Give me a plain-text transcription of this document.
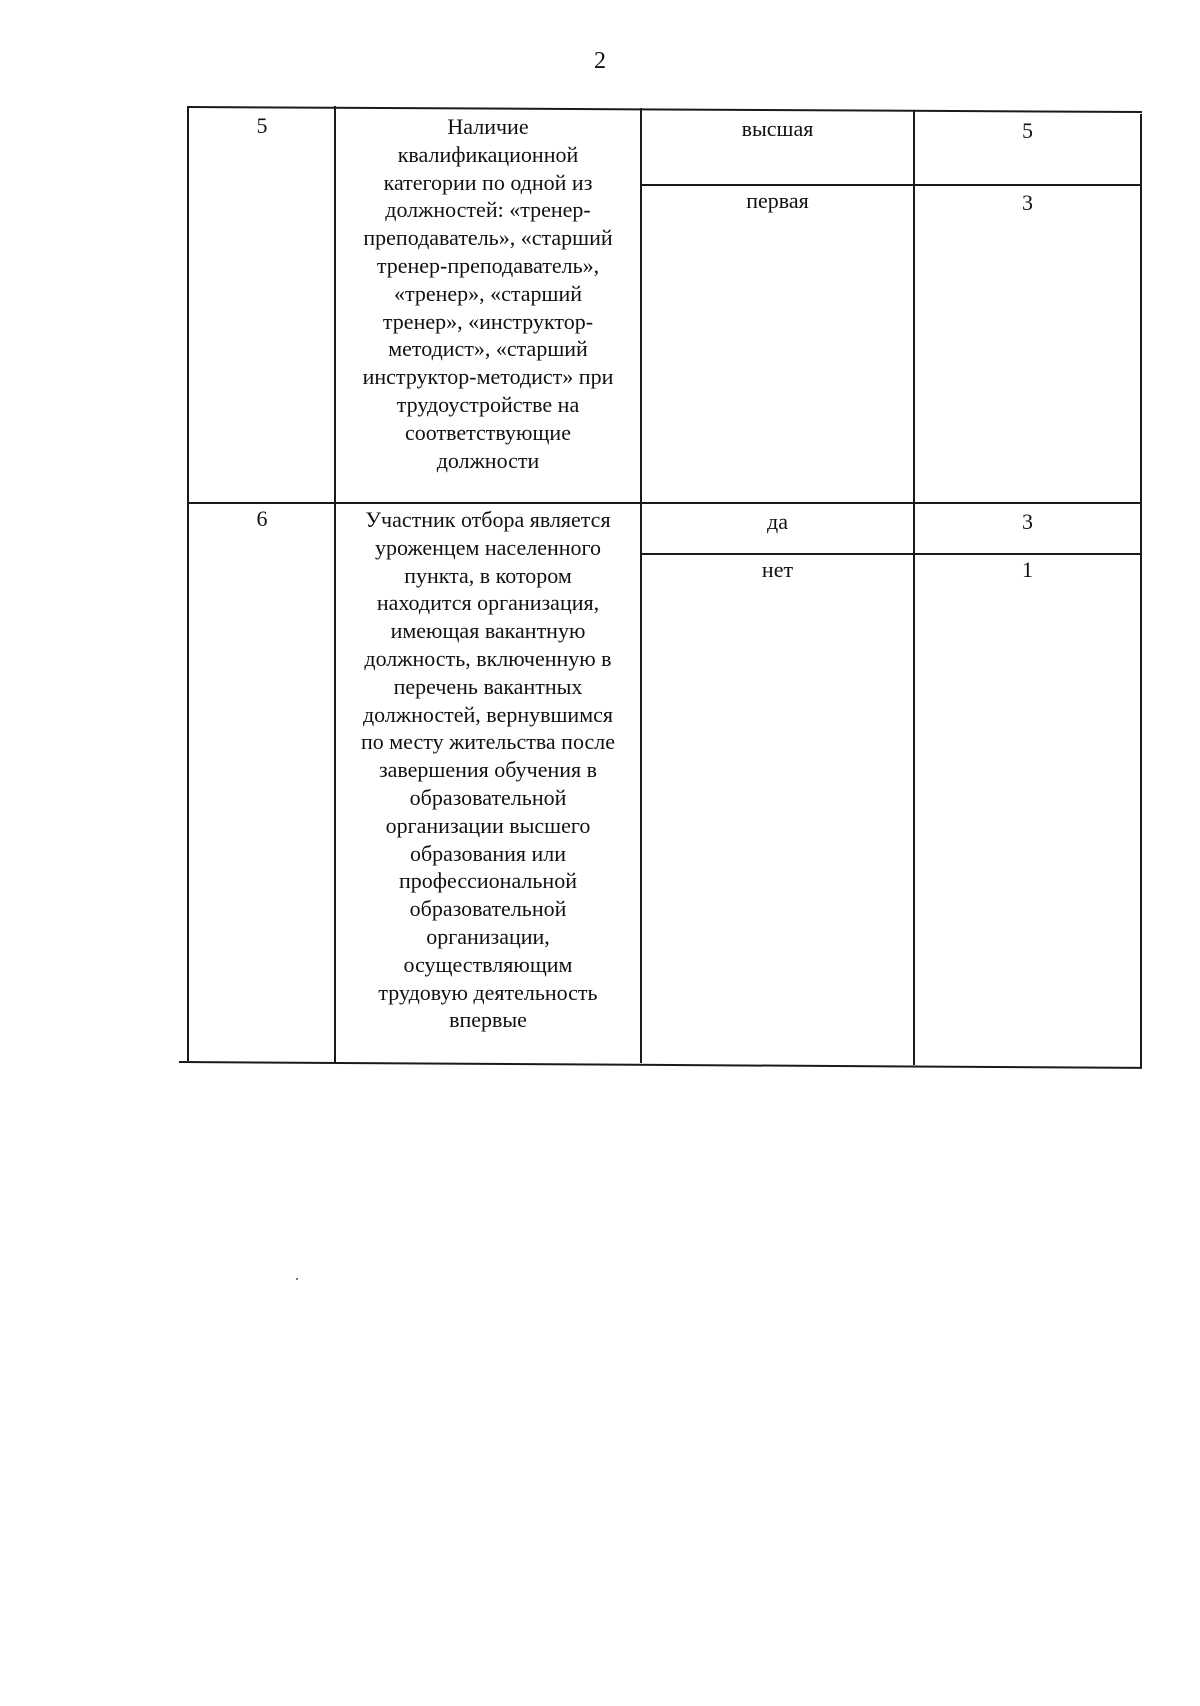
2
5	Наличие
квалификационной
категории по одной из
должностей: «тренер-
преподаватель», «старший
тренер-преподаватель»,
«тренер», «старший
тренер», «инструктор-
методист», «старший
инструктор-методист» при
трудоустройстве на
соответствующие
должности
высшая	5
первая	3
6	Участник отбора является
уроженцем населенного
пункта, в котором
находится организация,
имеющая вакантную
должность, включенную в
перечень вакантных
должностей, вернувшимся
по месту жительства после
завершения обучения в
образовательной
организации высшего
образования или
профессиональной
образовательной
организации,
осуществляющим
трудовую деятельность
впервые
да	3
нет	1
